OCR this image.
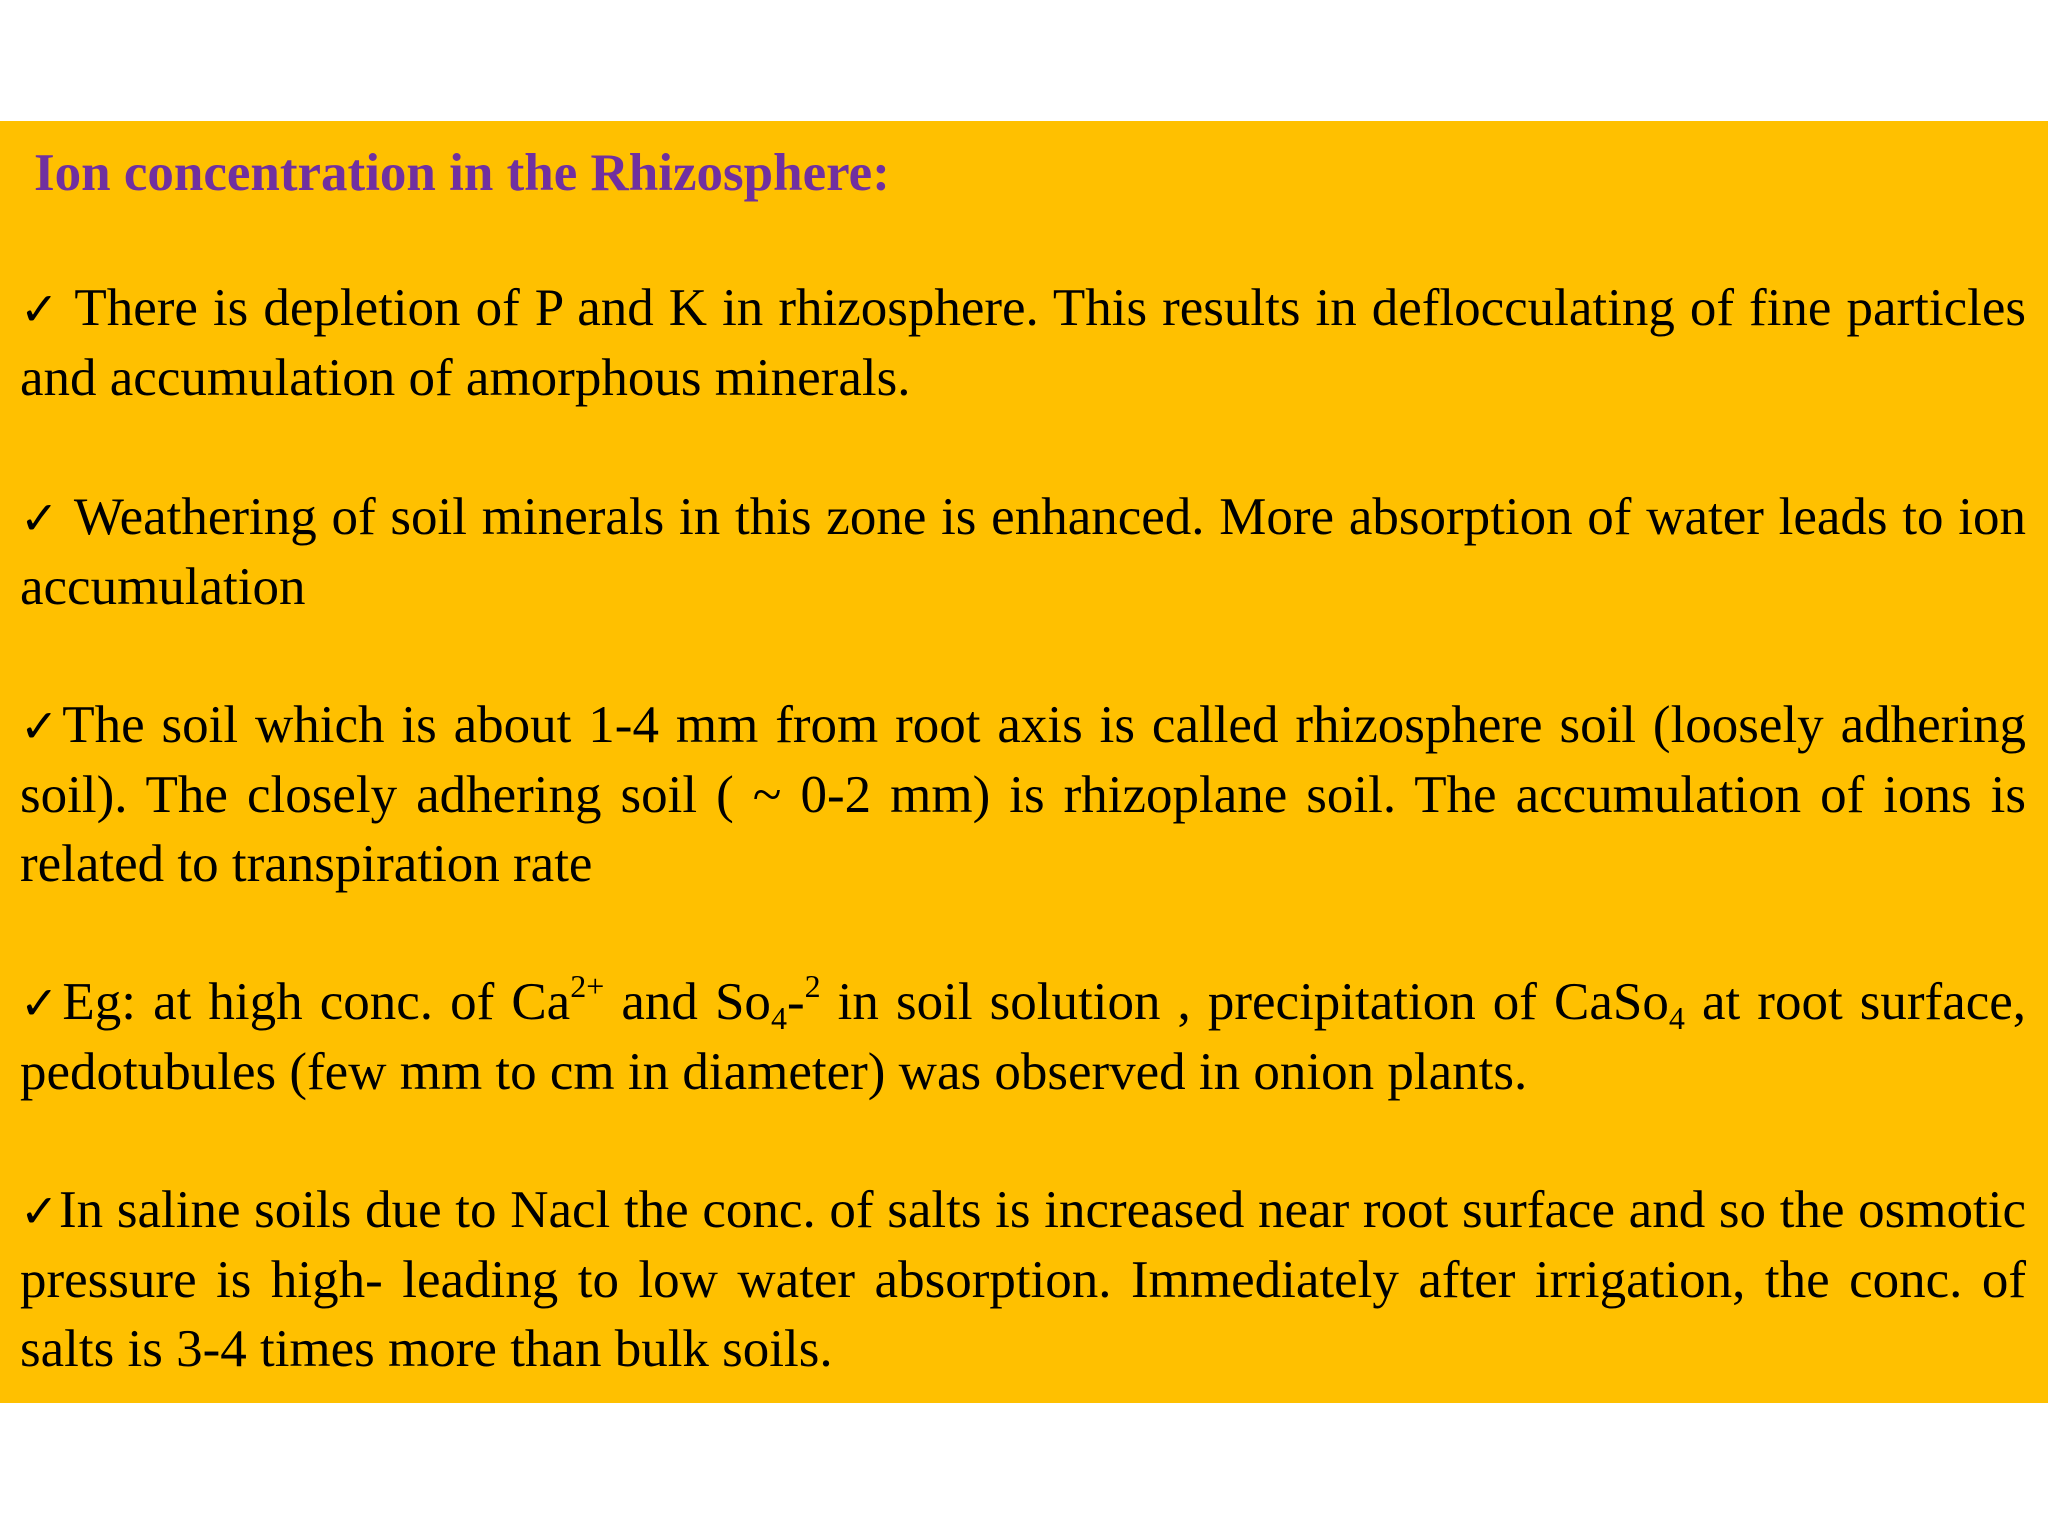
Ion concentration in the Rhizosphere:

✓ There is depletion of P and K in rhizosphere. This results in deflocculating of fine particles and accumulation of amorphous minerals.

✓ Weathering of soil minerals in this zone is enhanced. More absorption of water leads to ion accumulation

✓The soil which is about 1-4 mm from root axis is called rhizosphere soil (loosely adhering soil). The closely adhering soil ( ~ 0-2 mm) is rhizoplane soil. The accumulation of ions is related to transpiration rate

✓Eg: at high conc. of $Ca^{2+}$ and $So_4-^2$ in soil solution , precipitation of CaSo$_4$ at root surface, pedotubules (few mm to cm in diameter) was observed in onion plants.

✓In saline soils due to Nacl the conc. of salts is increased near root surface and so the osmotic pressure is high- leading to low water absorption. Immediately after irrigation, the conc. of salts is 3-4 times more than bulk soils.
